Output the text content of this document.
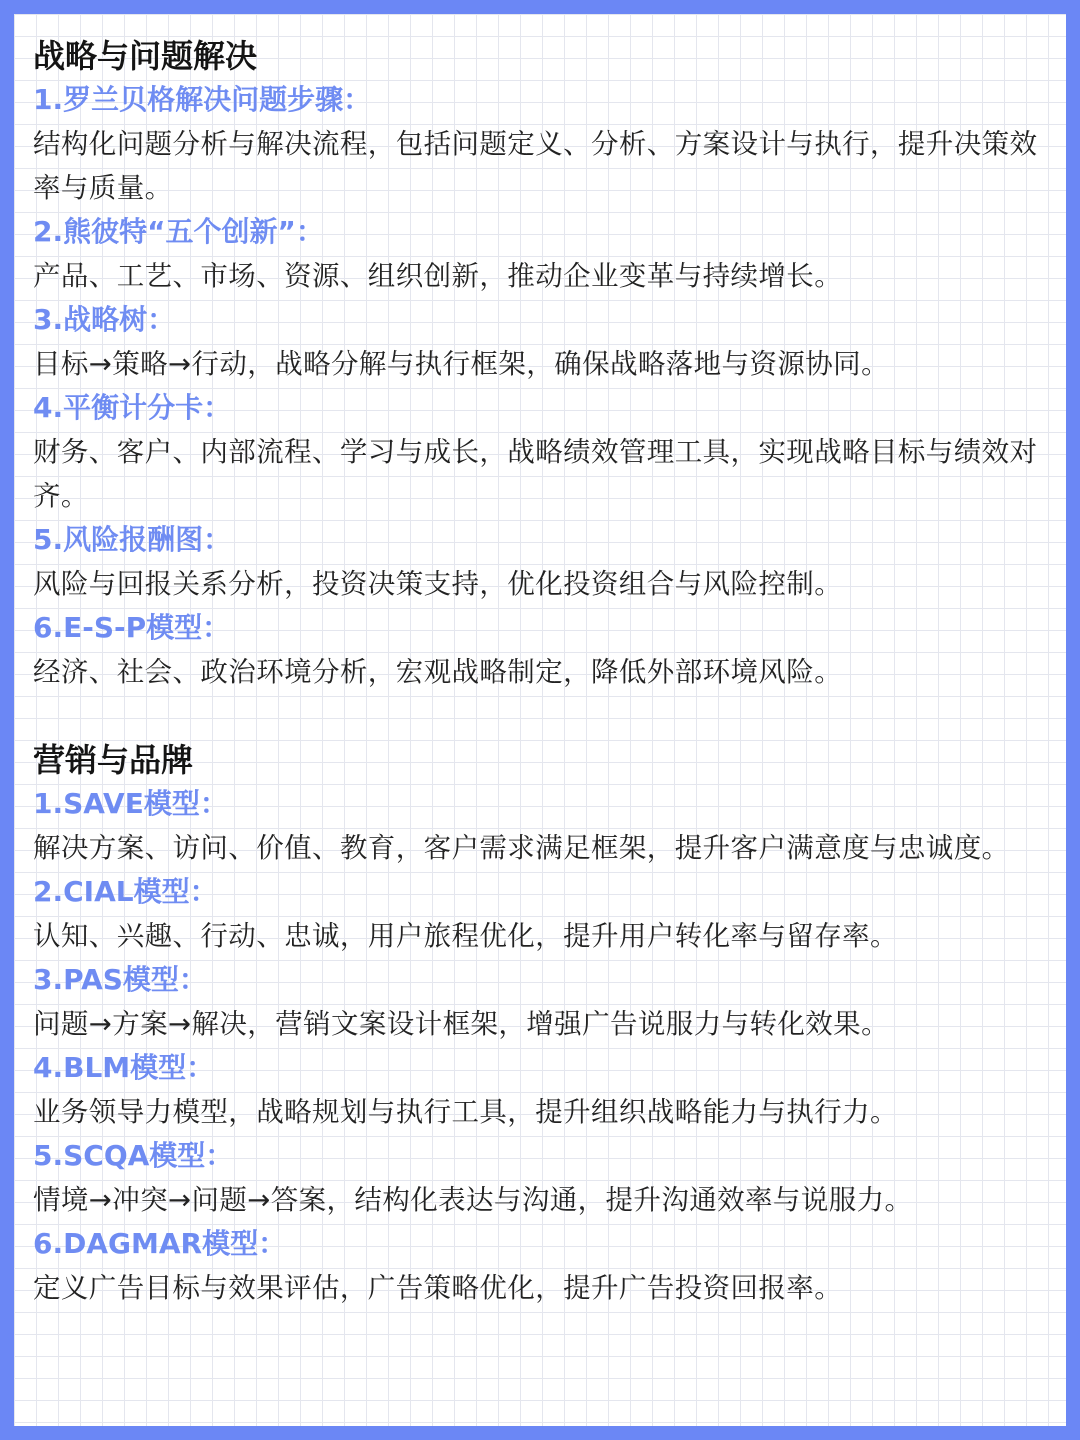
战略与问题解决
1.罗兰贝格解决问题步骤：
结构化问题分析与解决流程，包括问题定义、分析、方案设计与执行，提升决策效率与质量。
2.熊彼特“五个创新”：
产品、工艺、市场、资源、组织创新，推动企业变革与持续增长。
3.战略树：
目标→策略→行动，战略分解与执行框架，确保战略落地与资源协同。
4.平衡计分卡：
财务、客户、内部流程、学习与成长，战略绩效管理工具，实现战略目标与绩效对齐。
5.风险报酬图：
风险与回报关系分析，投资决策支持，优化投资组合与风险控制。
6.E-S-P模型：
经济、社会、政治环境分析，宏观战略制定，降低外部环境风险。
营销与品牌
1.SAVE模型：
解决方案、访问、价值、教育，客户需求满足框架，提升客户满意度与忠诚度。
2.CIAL模型：
认知、兴趣、行动、忠诚，用户旅程优化，提升用户转化率与留存率。
3.PAS模型：
问题→方案→解决，营销文案设计框架，增强广告说服力与转化效果。
4.BLM模型：
业务领导力模型，战略规划与执行工具，提升组织战略能力与执行力。
5.SCQA模型：
情境→冲突→问题→答案，结构化表达与沟通，提升沟通效率与说服力。
6.DAGMAR模型：
定义广告目标与效果评估，广告策略优化，提升广告投资回报率。
